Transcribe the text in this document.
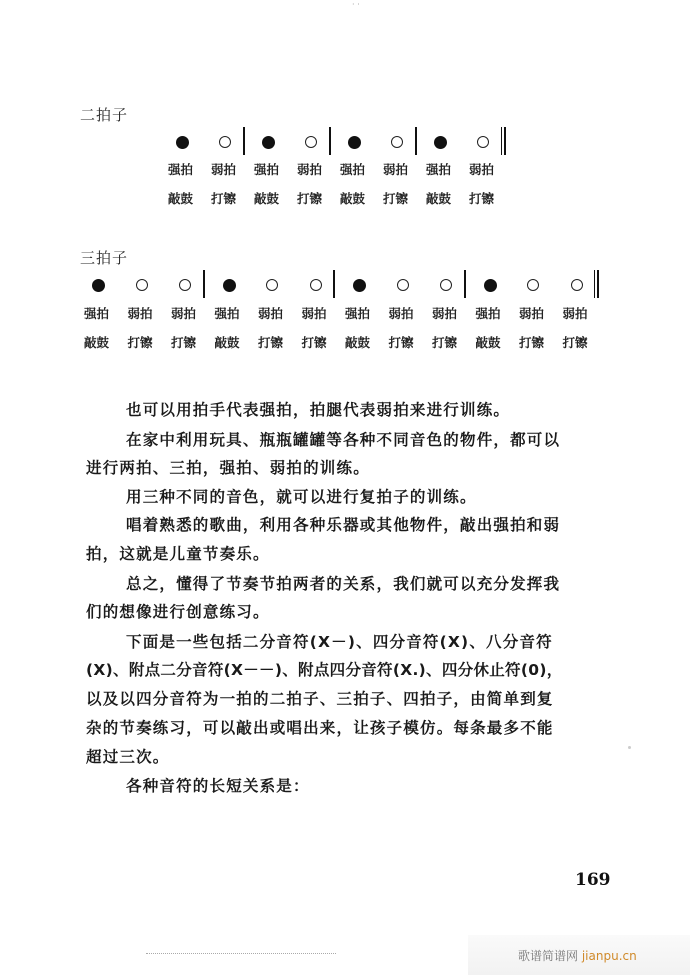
· ·
二拍子
强拍 弱拍 强拍 弱拍 强拍 弱拍 强拍 弱拍
敲鼓 打镲 敲鼓 打镲 敲鼓 打镲 敲鼓 打镲
三拍子
强拍 弱拍 弱拍 强拍 弱拍 弱拍 强拍 弱拍 弱拍 强拍 弱拍 弱拍
敲鼓 打镲 打镲 敲鼓 打镲 打镲 敲鼓 打镲 打镲 敲鼓 打镲 打镲
也可以用拍手代表强拍，拍腿代表弱拍来进行训练。
在家中利用玩具、瓶瓶罐罐等各种不同音色的物件，都可以
进行两拍、三拍，强拍、弱拍的训练。
用三种不同的音色，就可以进行复拍子的训练。
唱着熟悉的歌曲，利用各种乐器或其他物件，敲出强拍和弱
拍，这就是儿童节奏乐。
总之，懂得了节奏节拍两者的关系，我们就可以充分发挥我
们的想像进行创意练习。
下面是一些包括二分音符(X－)、四分音符(X)、八分音符
(X)、附点二分音符(X－－)、附点四分音符(X.)、四分休止符(0)，
以及以四分音符为一拍的二拍子、三拍子、四拍子，由简单到复
杂的节奏练习，可以敲出或唱出来，让孩子模仿。每条最多不能
超过三次。
各种音符的长短关系是：
169
歌谱简谱网 jianpu.cn
